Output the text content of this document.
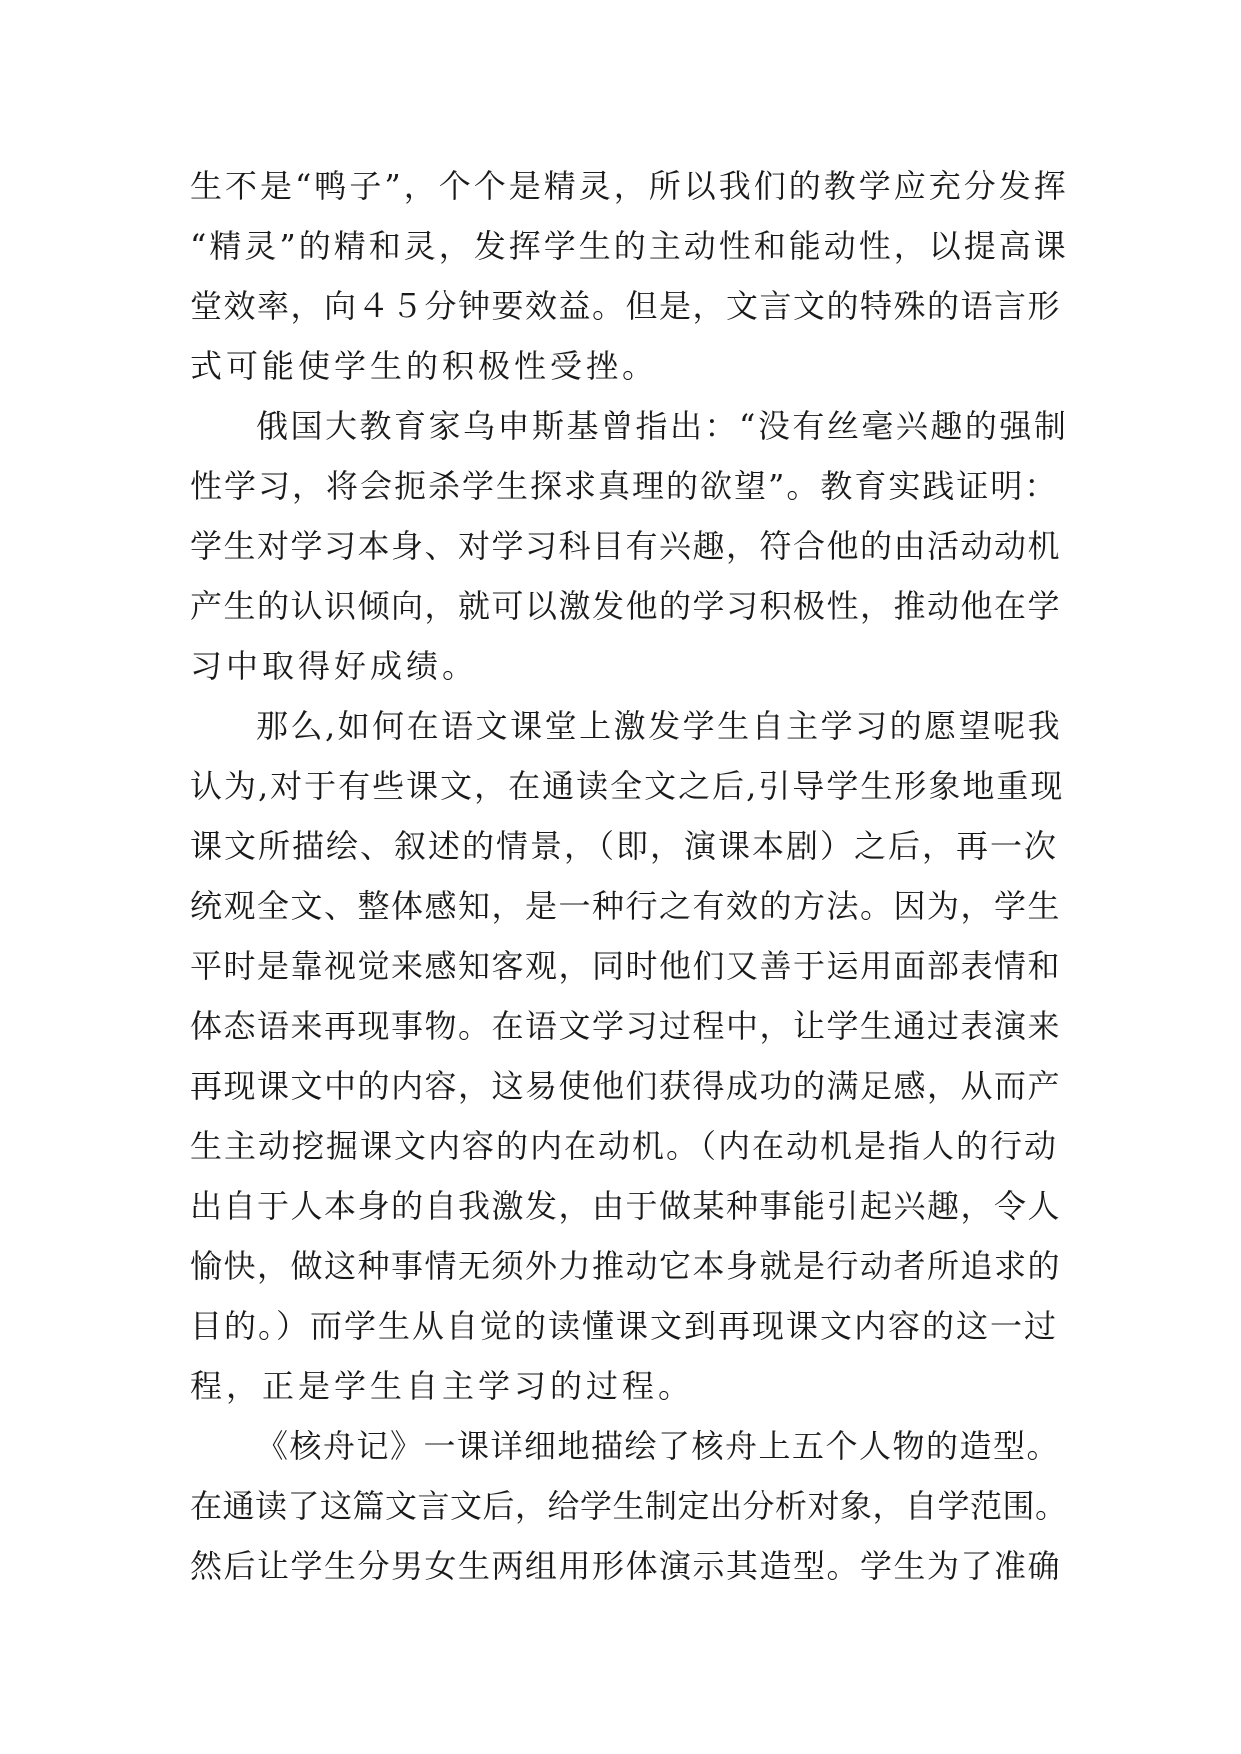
生不是“鸭子”，个个是精灵，所以我们的教学应充分发挥
“精灵”的精和灵，发挥学生的主动性和能动性，以提高课
堂效率，向４５分钟要效益。但是，文言文的特殊的语言形
式可能使学生的积极性受挫。
俄国大教育家乌申斯基曾指出：“没有丝毫兴趣的强制
性学习，将会扼杀学生探求真理的欲望”。教育实践证明：
学生对学习本身、对学习科目有兴趣，符合他的由活动动机
产生的认识倾向，就可以激发他的学习积极性，推动他在学
习中取得好成绩。
那么,如何在语文课堂上激发学生自主学习的愿望呢我
认为,对于有些课文，在通读全文之后,引导学生形象地重现
课文所描绘、叙述的情景，（即，演课本剧）之后，再一次
统观全文、整体感知，是一种行之有效的方法。因为，学生
平时是靠视觉来感知客观，同时他们又善于运用面部表情和
体态语来再现事物。在语文学习过程中，让学生通过表演来
再现课文中的内容，这易使他们获得成功的满足感，从而产
生主动挖掘课文内容的内在动机。（内在动机是指人的行动
出自于人本身的自我激发，由于做某种事能引起兴趣，令人
愉快，做这种事情无须外力推动它本身就是行动者所追求的
目的。）而学生从自觉的读懂课文到再现课文内容的这一过
程，正是学生自主学习的过程。
《核舟记》一课详细地描绘了核舟上五个人物的造型。
在通读了这篇文言文后，给学生制定出分析对象，自学范围。
然后让学生分男女生两组用形体演示其造型。学生为了准确
